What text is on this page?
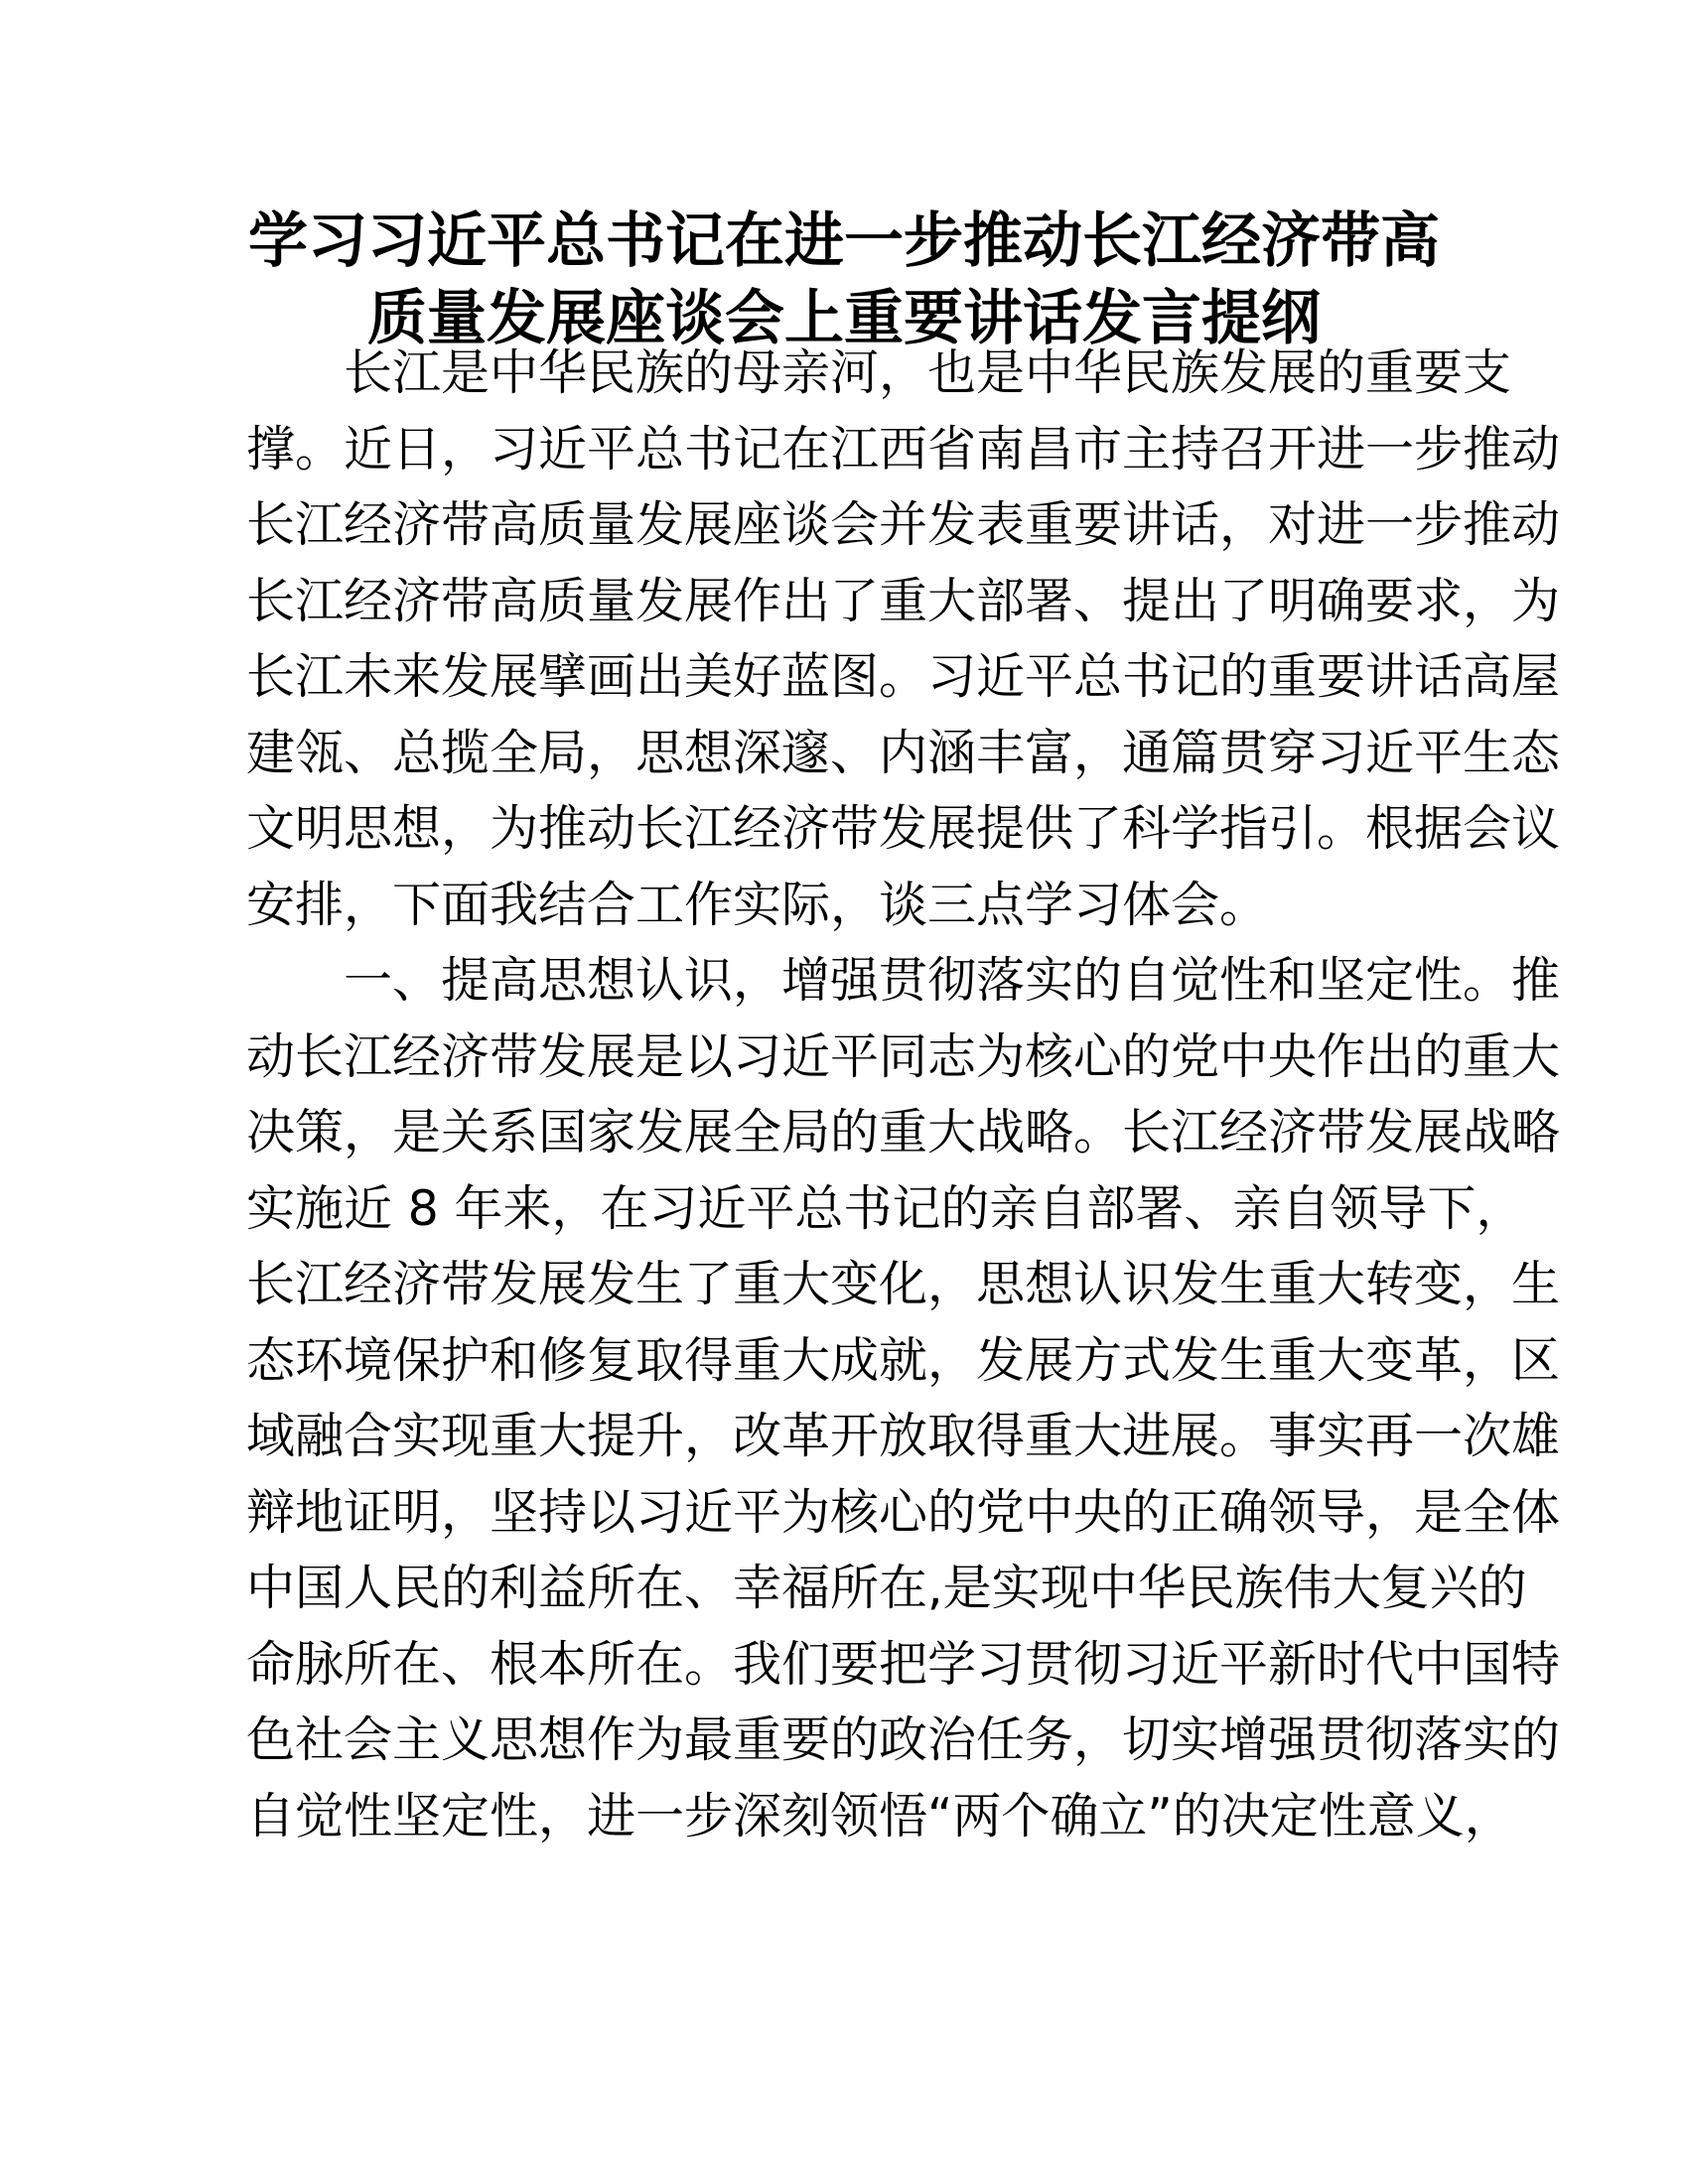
学习习近平总书记在进一步推动长江经济带高
质量发展座谈会上重要讲话发言提纲
长江是中华民族的母亲河，也是中华民族发展的重要支
撑。近日，习近平总书记在江西省南昌市主持召开进一步推动
长江经济带高质量发展座谈会并发表重要讲话，对进一步推动
长江经济带高质量发展作出了重大部署、提出了明确要求，为
长江未来发展擘画出美好蓝图。习近平总书记的重要讲话高屋
建瓴、总揽全局，思想深邃、内涵丰富，通篇贯穿习近平生态
文明思想，为推动长江经济带发展提供了科学指引。根据会议
安排，下面我结合工作实际，谈三点学习体会。
一、提高思想认识，增强贯彻落实的自觉性和坚定性。推
动长江经济带发展是以习近平同志为核心的党中央作出的重大
决策，是关系国家发展全局的重大战略。长江经济带发展战略
实施近 8 年来，在习近平总书记的亲自部署、亲自领导下，
长江经济带发展发生了重大变化，思想认识发生重大转变，生
态环境保护和修复取得重大成就，发展方式发生重大变革，区
域融合实现重大提升，改革开放取得重大进展。事实再一次雄
辩地证明，坚持以习近平为核心的党中央的正确领导，是全体
中国人民的利益所在、幸福所在,是实现中华民族伟大复兴的
命脉所在、根本所在。我们要把学习贯彻习近平新时代中国特
色社会主义思想作为最重要的政治任务，切实增强贯彻落实的
自觉性坚定性，进一步深刻领悟“两个确立”的决定性意义，
